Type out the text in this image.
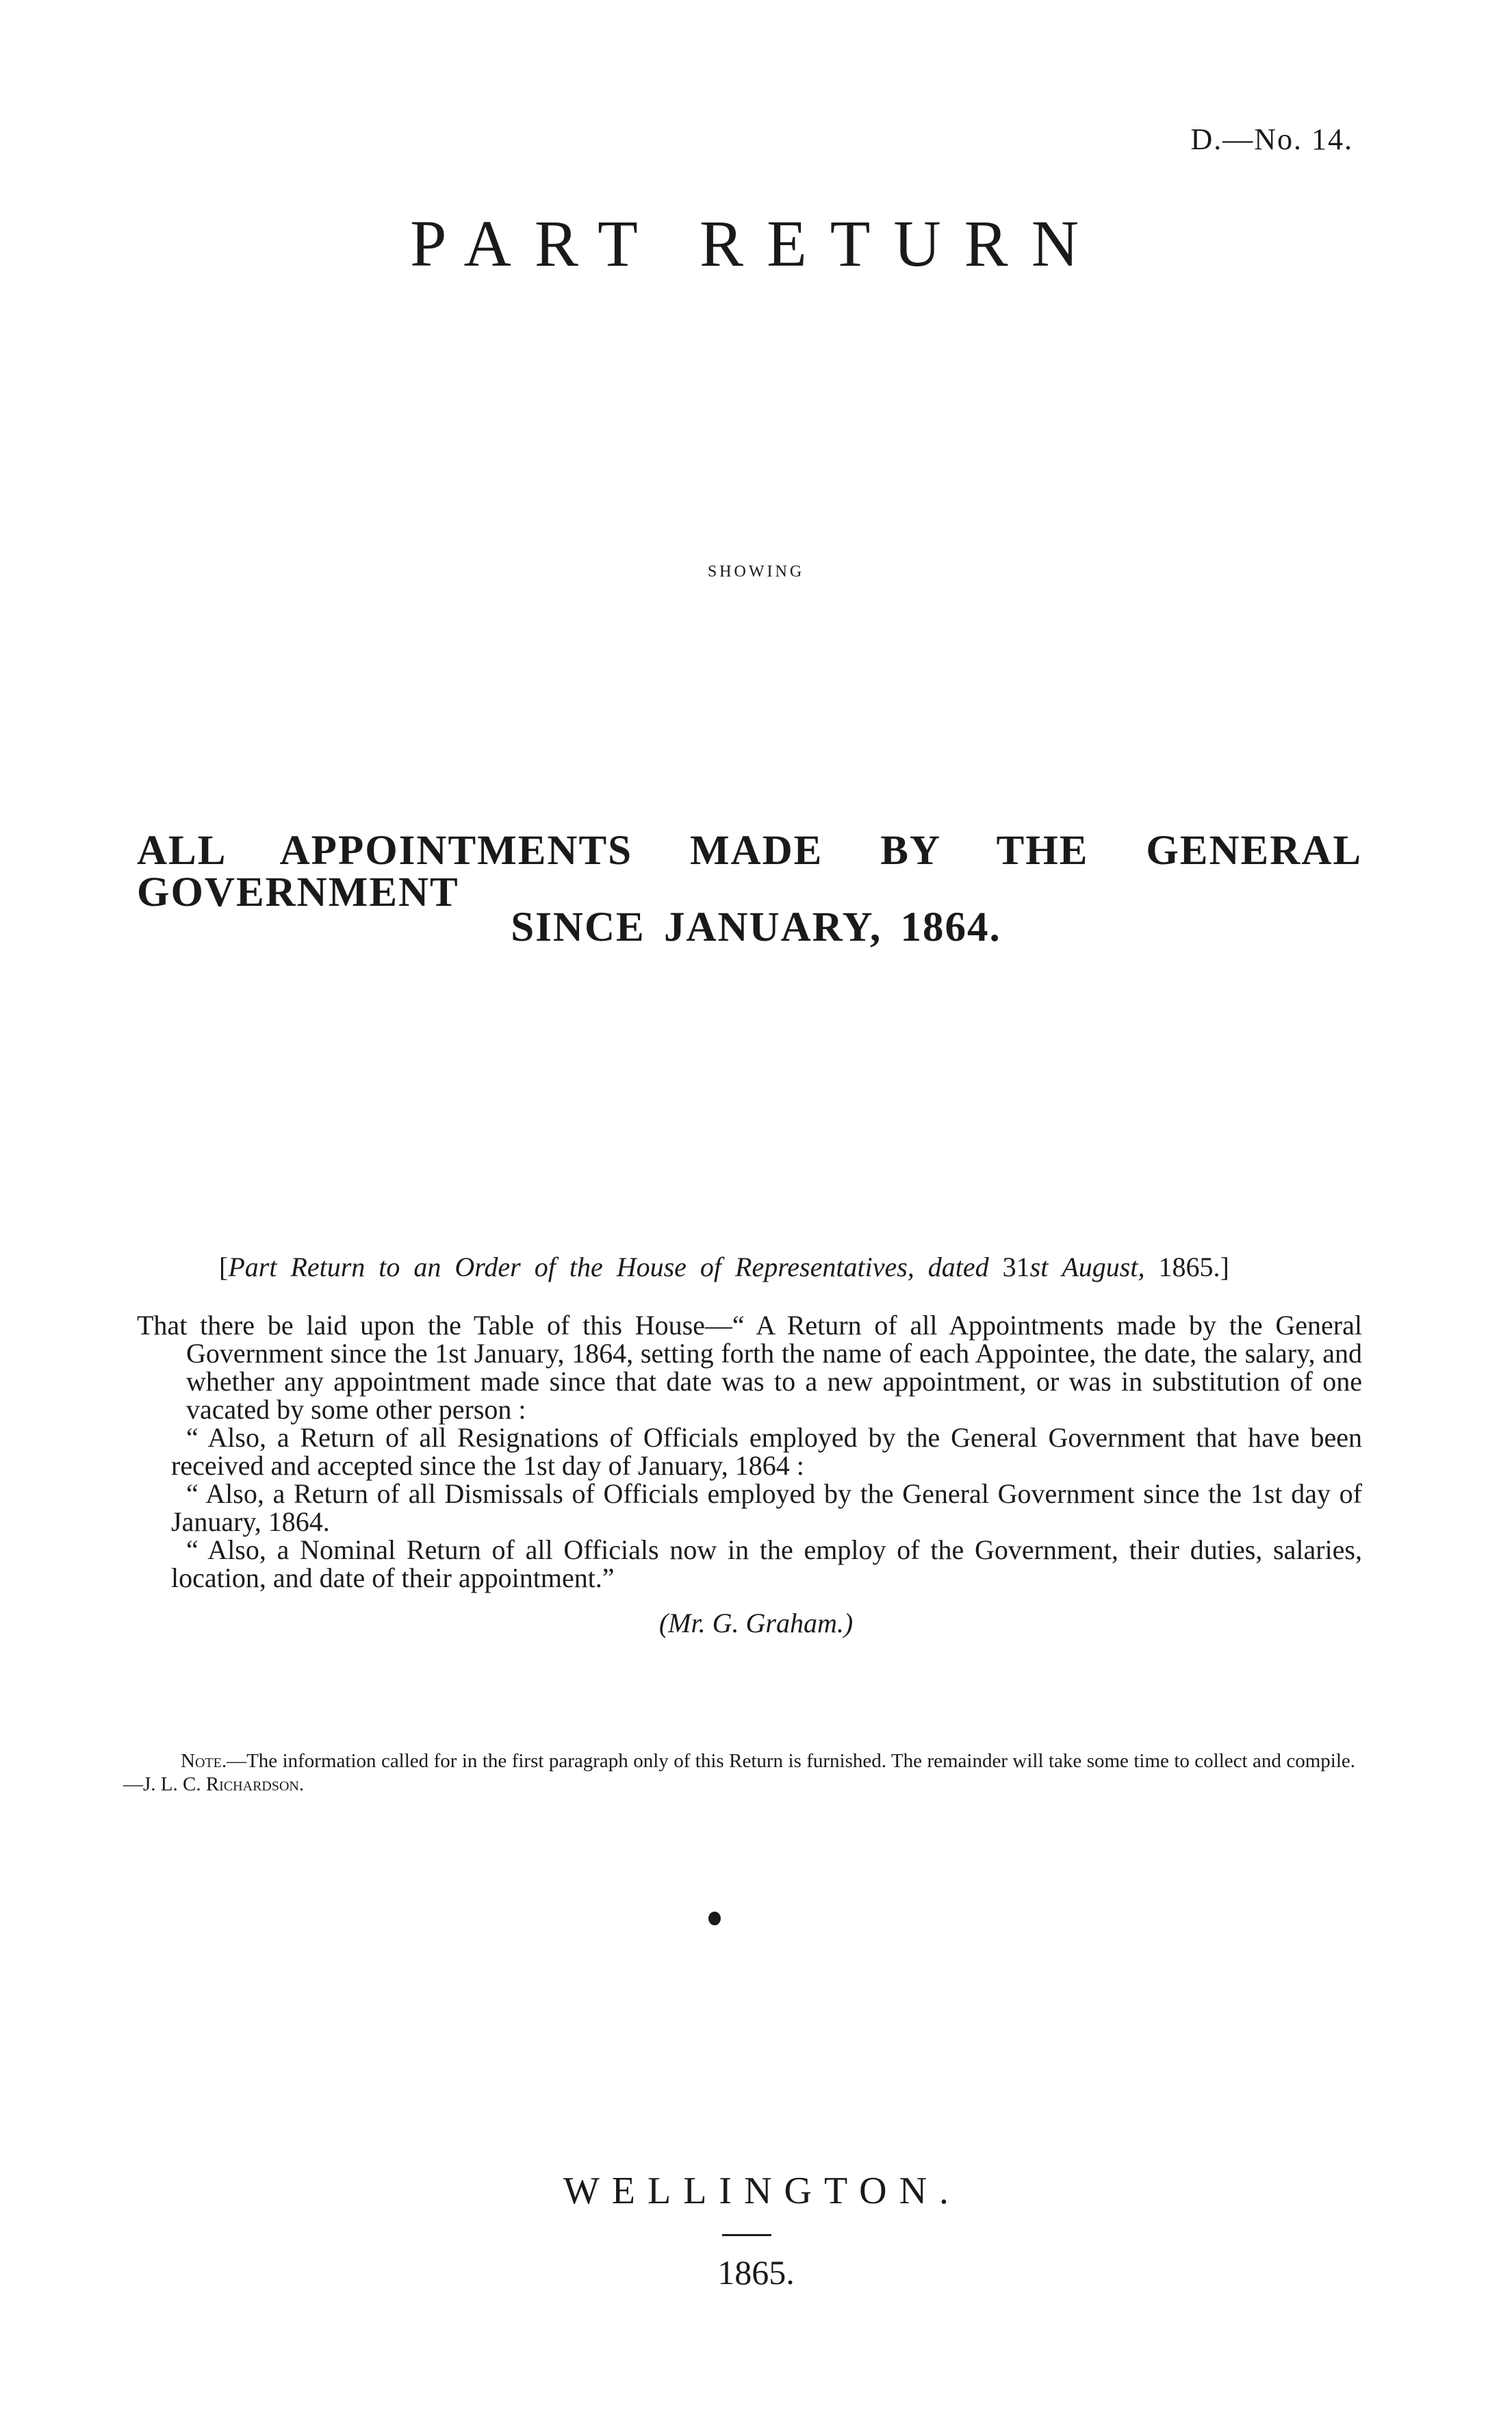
D.—No. 14.
PART RETURN
SHOWING
ALL APPOINTMENTS MADE BY THE GENERAL GOVERNMENT
SINCE JANUARY, 1864.
[Part Return to an Order of the House of Representatives, dated 31st August, 1865.]

That there be laid upon the Table of this House—“ A Return of all Appointments made by the General Government since the 1st January, 1864, setting forth the name of each Appointee, the date, the salary, and whether any appointment made since that date was to a new appointment, or was in substitution of one vacated by some other person :

“ Also, a Return of all Resignations of Officials employed by the General Government that have been received and accepted since the 1st day of January, 1864 :

“ Also, a Return of all Dismissals of Officials employed by the General Government since the 1st day of January, 1864.

“ Also, a Nominal Return of all Officials now in the employ of the Government, their duties, salaries, location, and date of their appointment.”

(Mr. G. Graham.)
Note.—The information called for in the first paragraph only of this Return is furnished. The remainder will take some time to collect and compile.—J. L. C. Richardson.
WELLINGTON.
1865.
